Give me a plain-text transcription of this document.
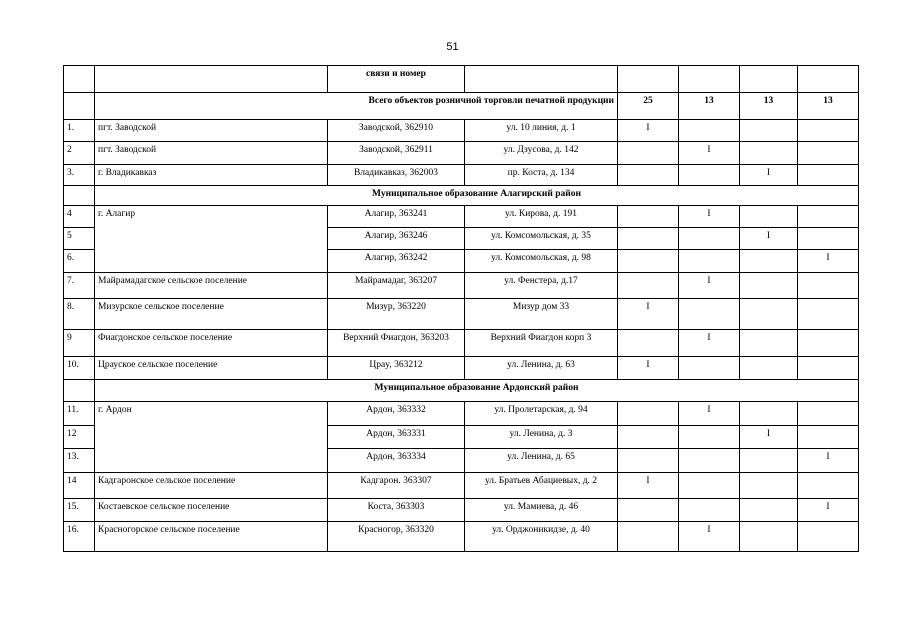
51
		связи и номер					
	Всего объектов розничной торговли печатной продукции			25	13	13	13
1.	пгт. Заводской	Заводской, 362910	ул. 10 линия, д. 1	I			
2	пгт. Заводской	Заводской, 362911	ул. Дзусова, д. 142		I		
3.	г. Владикавказ	Владикавказ, 362003	пр. Коста, д. 134			I	
	Муниципальное образование Алагирский район						
4	г. Алагир	Алагир, 363241	ул. Кирова, д. 191		I		
5		Алагир, 363246	ул. Комсомольская, д. 35			I	
6.		Алагир, 363242	ул. Комсомольская, д. 98				I
7.	Майрамадагское сельское поселение	Майрамадаг, 363207	ул. Фенстера, д.17		I		
8.	Мизурское сельское поселение	Мизур, 363220	Мизур дом 33	I			
9	Фиагдонское сельское поселение	Верхний Фиагдон, 363203	Верхний Фиагдон корп 3		I		
10.	Црауское сельское поселение	Цpay, 363212	ул. Ленина, д. 63	I			
	Муниципальное образование Ардонский район						
11.	г. Ардон	Ардон, 363332	ул. Пролетарская, д. 94		I		
12		Ардон, 363331	ул. Ленина, д. 3			I	
13.		Ардон, 363334	ул. Ленина, д. 65				I
14	Кадгаронское сельское поселение	Кадгарон. 363307	ул. Братьев Абациевых, д. 2	I			
15.	Костаевское сельское поселение	Коста, 363303	ул. Мамиева, д. 46				I
16.	Красногорское сельское поселение	Красногор, 363320	ул. Орджоникидзе, д. 40		I		
